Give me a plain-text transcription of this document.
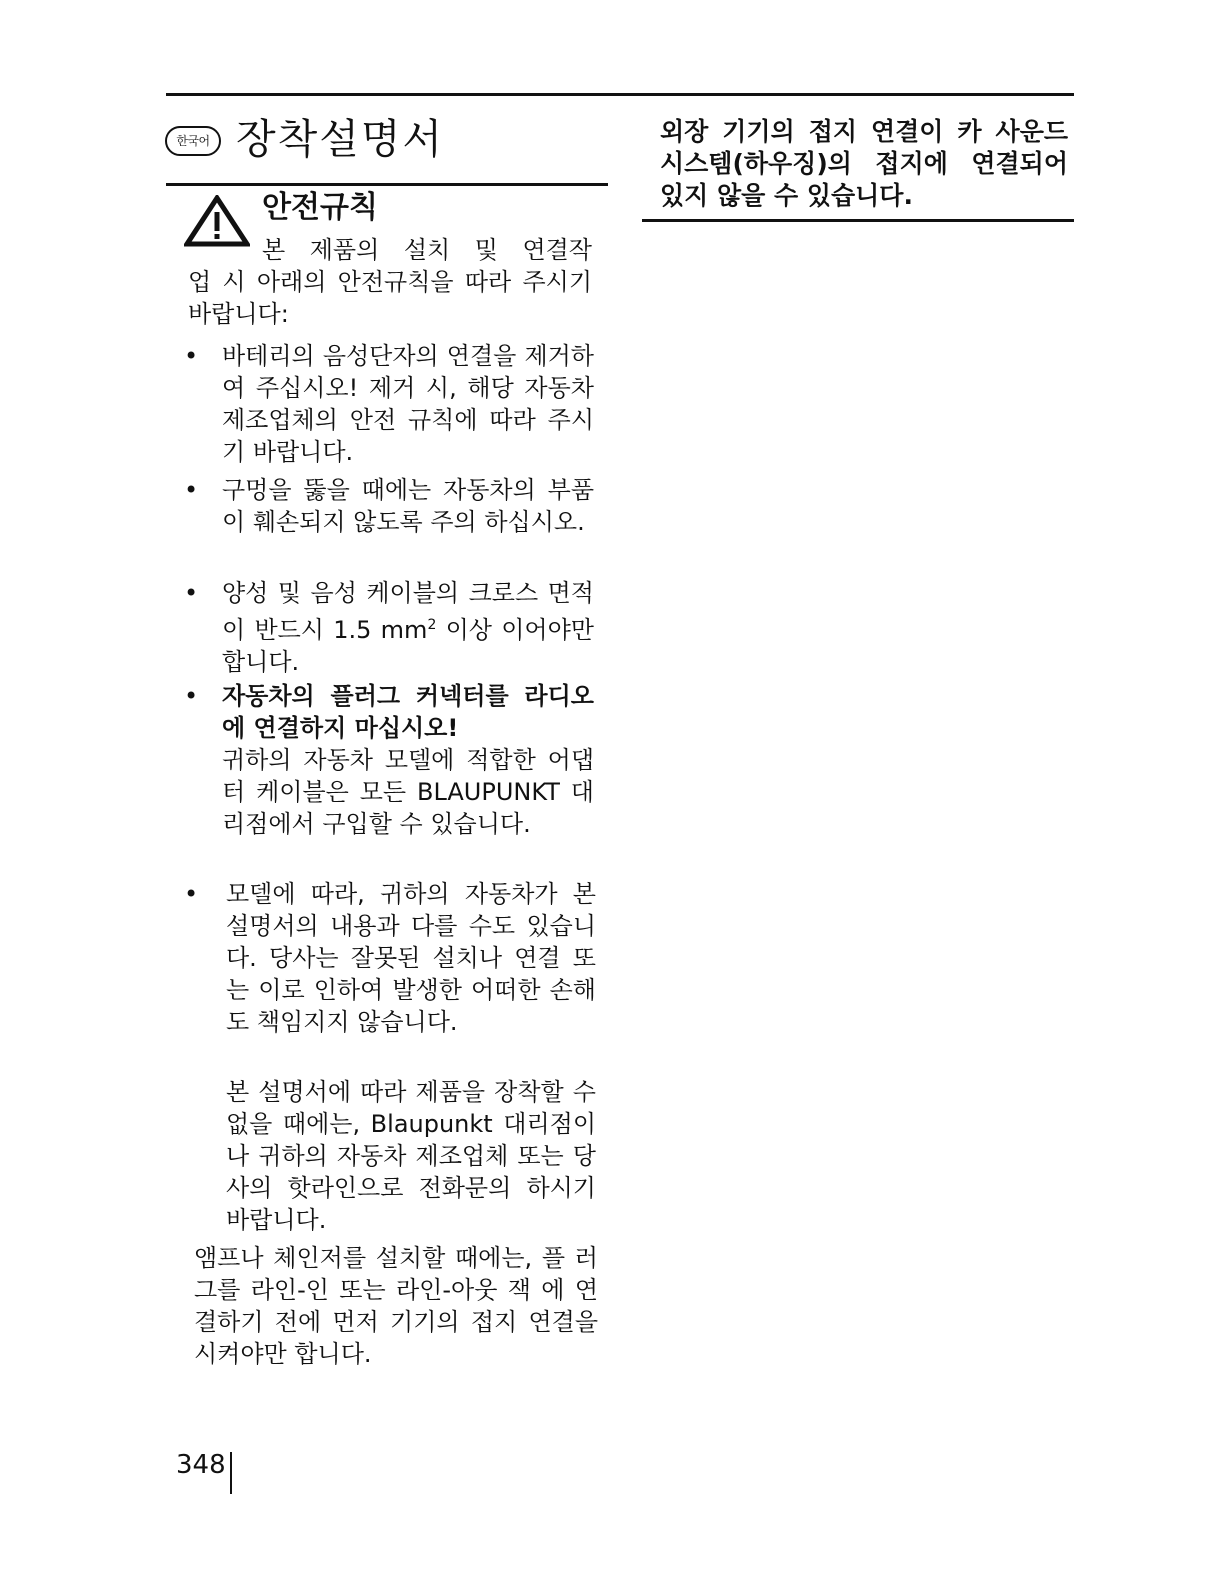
한국어 장착설명서
안전규칙
본 제품의 설치 및 연결작
업 시 아래의 안전규칙을 따라 주시기 바랍니다:
• 바테리의 음성단자의 연결을 제거하여 주십시오! 제거 시, 해당 자동차 제조업체의 안전 규칙에 따라 주시기 바랍니다.
• 구멍을 뚫을 때에는 자동차의 부품이 훼손되지 않도록 주의 하십시오.
• 양성 및 음성 케이블의 크로스 면적이 반드시 1.5 $mm^2$ 이상 이어야만 합니다.
• 자동차의 플러그 커넥터를 라디오에 연결하지 마십시오!
귀하의 자동차 모델에 적합한 어댑터 케이블은 모든 BLAUPUNKT 대리점에서 구입할 수 있습니다.
• 모델에 따라, 귀하의 자동차가 본 설명서의 내용과 다를 수도 있습니다. 당사는 잘못된 설치나 연결 또는 이로 인하여 발생한 어떠한 손해도 책임지지 않습니다.
본 설명서에 따라 제품을 장착할 수 없을 때에는, Blaupunkt 대리점이나 귀하의 자동차 제조업체 또는 당사의 핫라인으로 전화문의 하시기 바랍니다.
앰프나 체인저를 설치할 때에는, 플 러그를 라인-인 또는 라인-아웃 잭 에 연결하기 전에 먼저 기기의 접지 연결을 시켜야만 합니다.
외장 기기의 접지 연결이 카 사운드 시스템(하우징)의 접지에 연결되어 있지 않을 수 있습니다.
348
